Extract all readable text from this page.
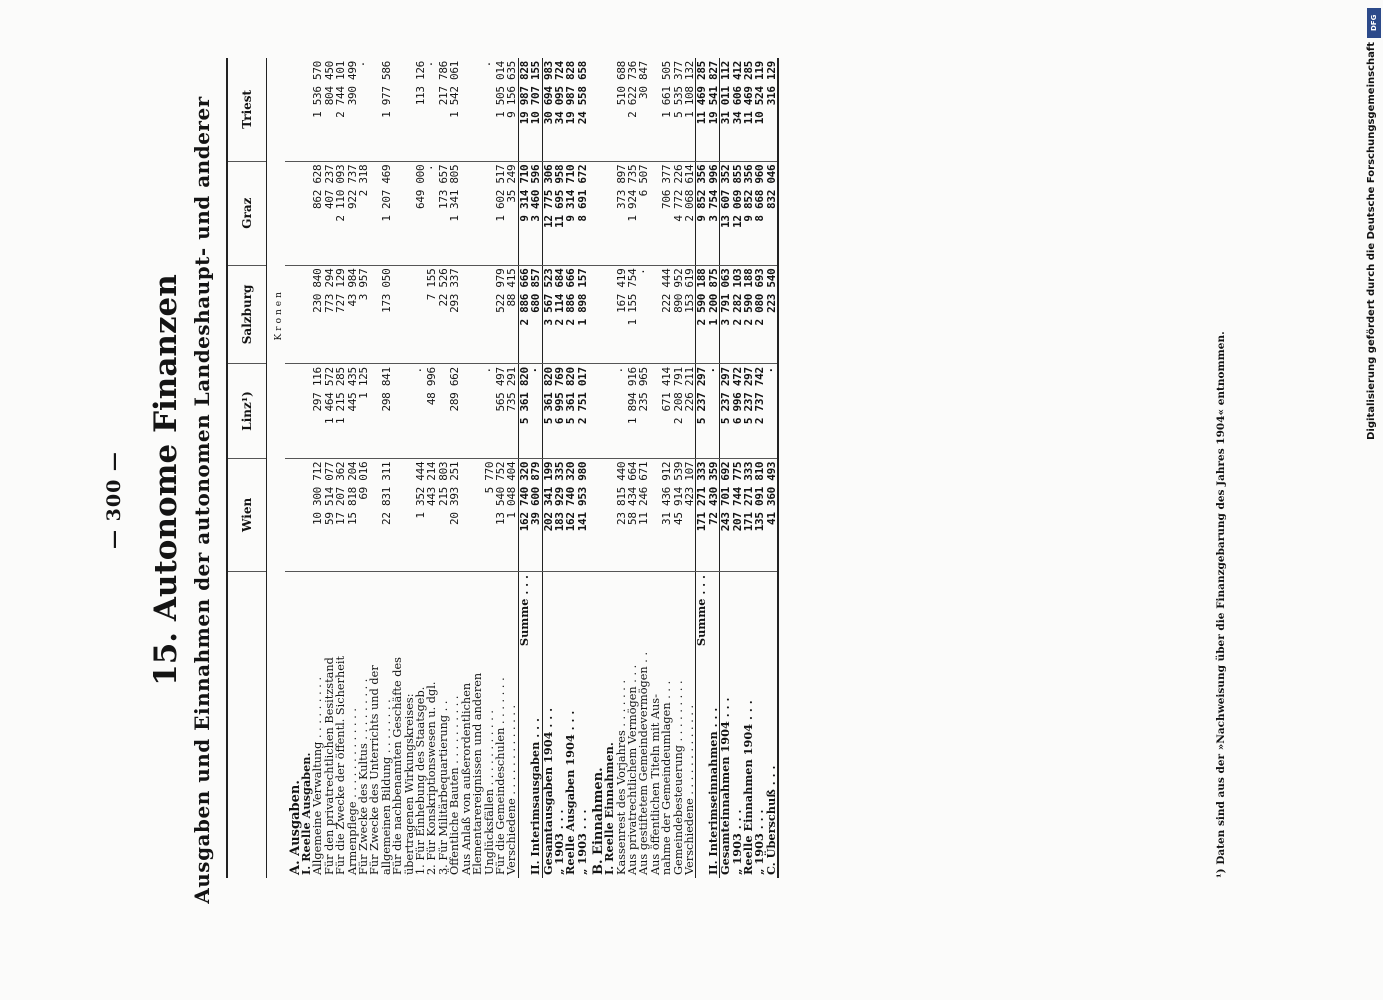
— 300 — 15. Autonome Finanzen Ausgaben und Einnahmen der autonomen Landeshaupt- und anderer
	Wien	Linz¹)	Salzburg	Graz	Triest
	Kronen				
A. Ausgaben.					
I. Reelle Ausgaben.					
Allgemeine Verwaltung . . . . . . . . .	10 300 712	297 116	230 840	862 628	1 536 570
Für den privatrechtlichen Besitzstand	59 514 077	1 464 572	773 294	407 237	804 450
Für die Zwecke der öffentl. Sicherheit	17 207 362	1 215 285	727 129	2 110 093	2 744 101
Armenpflege . . . . . . . . . . . . .	15 818 204	445 435	43 984	922 737	390 499
Für Zwecke des Kultus . . . . . . . . .	69 016	1 125	3 957	2 318	·
Für Zwecke des Unterrichts und der					
allgemeinen Bildung . . . . . . . .	22 831 311	298 841	173 050	1 207 469	1 977 586
Für die nachbenannten Geschäfte des					
übertragenen Wirkungskreises:					
1. Für Einhebung des Staatsgeb.	1 352 444	·		649 000	113 126
2. Für Konskriptionswesen u. dgl.	443 214	48 996	7 155	·	·
3. Für Militärbequartierung . .	215 803		22 526	173 657	217 786
Öffentliche Bauten . . . . . . . . . .	20 393 251	289 662	293 337	1 341 805	1 542 061
Aus Anlaß von außerordentlichen					
Elementarereignissen und anderen					
Unglücksfällen . . . . . . . . . . .	5 770	·			·
Für die Gemeindeschulen . . . . . . .	13 540 752	565 497	522 979	1 602 517	1 505 014
Verschiedene . . . . . . . . . . . . .	1 048 404	735 291	88 415	35 249	9 156 635
Summe . . .	162 740 320	5 361 820	2 886 666	9 314 710	19 987 828
II. Interimsausgaben . . .	39 600 879	·	680 857	3 460 596	10 707 155
Gesamtausgaben 1904 . . .	202 341 199	5 361 820	3 567 523	12 775 306	30 694 983
„ 1903 . . .	183 929 335	6 995 769	2 114 684	11 695 958	34 095 724
Reelle Ausgaben 1904 . . .	162 740 320	5 361 820	2 886 666	9 314 710	19 987 828
„ 1903 . . .	141 953 980	2 751 017	1 898 157	8 691 672	24 558 658
B. Einnahmen.					
I. Reelle Einnahmen.					
Kassenrest des Vorjahres . . . . . . .	23 815 440	·	167 419	373 897	510 688
Aus privatrechtlichem Vermögen . . .	58 434 664	1 894 916	1 155 754	1 924 735	2 622 736
Aus gestiftetem Gemeindevermögen . .	11 246 671	235 965	·	6 507	30 847
Aus öffentlichen Titeln mit Aus-					
nahme der Gemeindeumlagen . . .	31 436 912	671 414	222 444	706 377	1 661 505
Gemeindebesteuerung . . . . . . . . .	45 914 539	2 208 791	890 952	4 772 226	5 535 377
Verschiedene . . . . . . . . . . . . .	423 107	226 211	153 619	2 068 614	1 108 132
Summe . . .	171 271 333	5 237 297	2 590 188	9 852 356	11 469 285
II. Interimseinnahmen . . .	72 430 359	·	1 200 875	3 754 996	19 541 827
Gesamteinnahmen 1904 . . .	243 701 692	5 237 297	3 791 063	13 607 352	31 011 112
„ 1903 . . .	207 744 775	6 996 472	2 282 103	12 069 855	34 606 412
Reelle Einnahmen 1904 . . .	171 271 333	5 237 297	2 590 188	9 852 356	11 469 285
„ 1903 . . .	135 091 810	2 737 742	2 080 693	8 668 960	10 524 119
C. Überschuß . . .	41 360 493	·	223 540	832 046	316 129
¹) Daten sind aus der »Nachweisung über die Finanzgebarung des Jahres 1904« entnommen.
DFG
Digitalisierung gefördert durch die Deutsche Forschungsgemeinschaft
